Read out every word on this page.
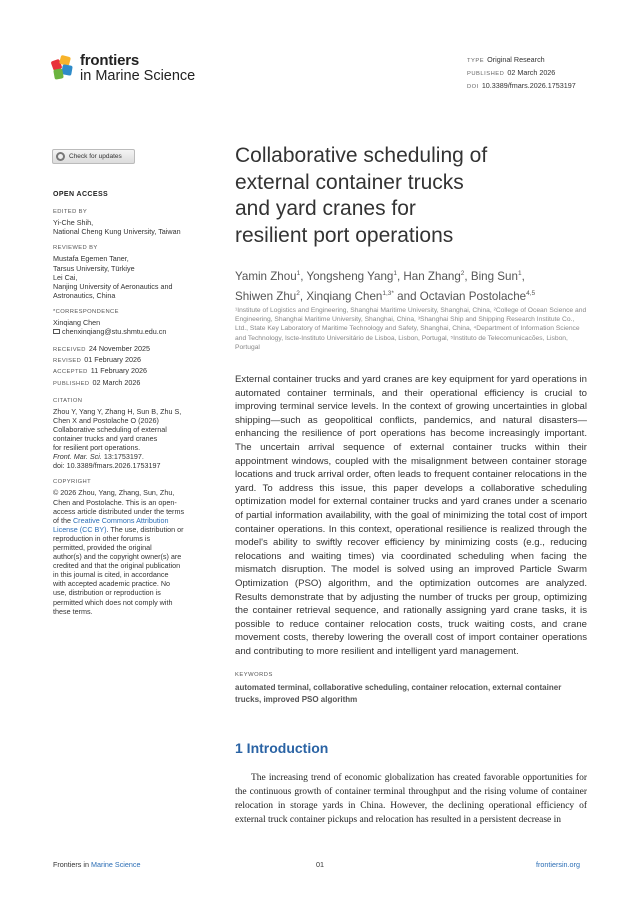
frontiers
in Marine Science
TYPE Original Research
PUBLISHED 02 March 2026
DOI 10.3389/fmars.2026.1753197
Check for updates
OPEN ACCESS
EDITED BY
Yi-Che Shih,
National Cheng Kung University, Taiwan
REVIEWED BY
Mustafa Egemen Taner,
Tarsus University, Türkiye
Lei Cai,
Nanjing University of Aeronautics and
Astronautics, China
*CORRESPONDENCE
Xinqiang Chen
chenxinqiang@stu.shmtu.edu.cn
RECEIVED 24 November 2025
REVISED 01 February 2026
ACCEPTED 11 February 2026
PUBLISHED 02 March 2026
CITATION
Zhou Y, Yang Y, Zhang H, Sun B, Zhu S,
Chen X and Postolache O (2026)
Collaborative scheduling of external
container trucks and yard cranes
for resilient port operations.
Front. Mar. Sci. 13:1753197.
doi: 10.3389/fmars.2026.1753197
COPYRIGHT
© 2026 Zhou, Yang, Zhang, Sun, Zhu,
Chen and Postolache. This is an open-
access article distributed under the terms
of the Creative Commons Attribution
License (CC BY). The use, distribution or
reproduction in other forums is
permitted, provided the original
author(s) and the copyright owner(s) are
credited and that the original publication
in this journal is cited, in accordance
with accepted academic practice. No
use, distribution or reproduction is
permitted which does not comply with
these terms.
Collaborative scheduling of
external container trucks
and yard cranes for
resilient port operations
Yamin Zhou$^1$, Yongsheng Yang$^1$, Han Zhang$^2$, Bing Sun$^1$,
Shiwen Zhu$^2$, Xinqiang Chen$^{1,3*}$ and Octavian Postolache$^{4,5}$
¹Institute of Logistics and Engineering, Shanghai Maritime University, Shanghai, China, ²College of Ocean Science and Engineering, Shanghai Maritime University, Shanghai, China, ³Shanghai Ship and Shipping Research Institute Co., Ltd., State Key Laboratory of Maritime Technology and Safety, Shanghai, China, ⁴Department of Information Science and Technology, Iscte-Instituto Universitário de Lisboa, Lisbon, Portugal, ⁵Instituto de Telecomunicacões, Lisbon, Portugal
External container trucks and yard cranes are key equipment for yard operations in automated container terminals, and their operational efficiency is crucial to improving terminal service levels. In the context of growing uncertainties in global shipping—such as geopolitical conflicts, pandemics, and natural disasters—enhancing the resilience of port operations has become increasingly important. The uncertain arrival sequence of external container trucks within their appointment windows, coupled with the misalignment between container storage locations and truck arrival order, often leads to frequent container relocations in the yard. To address this issue, this paper develops a collaborative scheduling optimization model for external container trucks and yard cranes under a scenario of partial information availability, with the goal of minimizing the total cost of import container operations. In this context, operational resilience is realized through the model's ability to swiftly recover efficiency by minimizing costs (e.g., reducing relocations and waiting times) via coordinated scheduling when facing the mismatch disruption. The model is solved using an improved Particle Swarm Optimization (PSO) algorithm, and the optimization outcomes are analyzed. Results demonstrate that by adjusting the number of trucks per group, optimizing the container retrieval sequence, and rationally assigning yard crane tasks, it is possible to reduce container relocation costs, truck waiting costs, and crane movement costs, thereby lowering the overall cost of import container operations and contributing to more resilient and intelligent yard management.
KEYWORDS
automated terminal, collaborative scheduling, container relocation, external container trucks, improved PSO algorithm
1 Introduction

The increasing trend of economic globalization has created favorable opportunities for the continuous growth of container terminal throughput and the rising volume of container relocation in storage yards in China. However, the declining operational efficiency of external truck container pickups and relocation has resulted in a persistent decrease in

Frontiers in Marine Science	01	frontiersin.org
